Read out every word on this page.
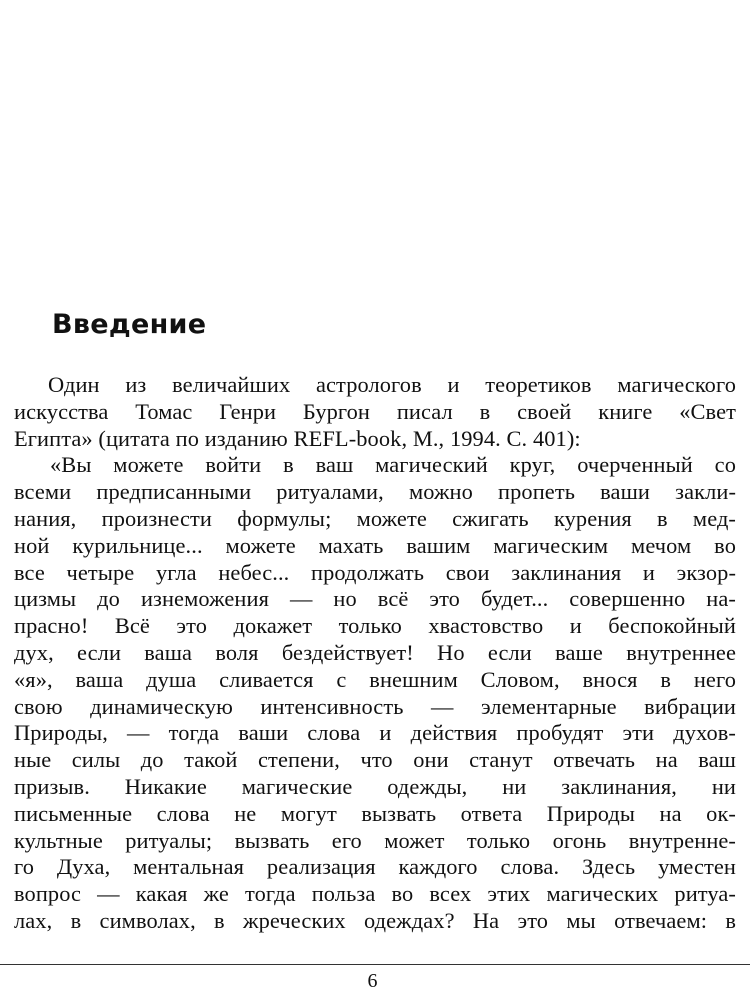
Введение
Один из величайших астрологов и теоретиков магического
искусства Томас Генри Бургон писал в своей книге «Свет
Египта» (цитата по изданию REFL-book, М., 1994. С. 401):
«Вы можете войти в ваш магический круг, очерченный со
всеми предписанными ритуалами, можно пропеть ваши закли-
нания, произнести формулы; можете сжигать курения в мед-
ной курильнице... можете махать вашим магическим мечом во
все четыре угла небес... продолжать свои заклинания и экзор-
цизмы до изнеможения — но всё это будет... совершенно на-
прасно! Всё это докажет только хвастовство и беспокойный
дух, если ваша воля бездействует! Но если ваше внутреннее
«я», ваша душа сливается с внешним Словом, внося в него
свою динамическую интенсивность — элементарные вибрации
Природы, — тогда ваши слова и действия пробудят эти духов-
ные силы до такой степени, что они станут отвечать на ваш
призыв. Никакие магические одежды, ни заклинания, ни
письменные слова не могут вызвать ответа Природы на ок-
культные ритуалы; вызвать его может только огонь внутренне-
го Духа, ментальная реализация каждого слова. Здесь уместен
вопрос — какая же тогда польза во всех этих магических ритуа-
лах, в символах, в жреческих одеждах? На это мы отвечаем: в
6
